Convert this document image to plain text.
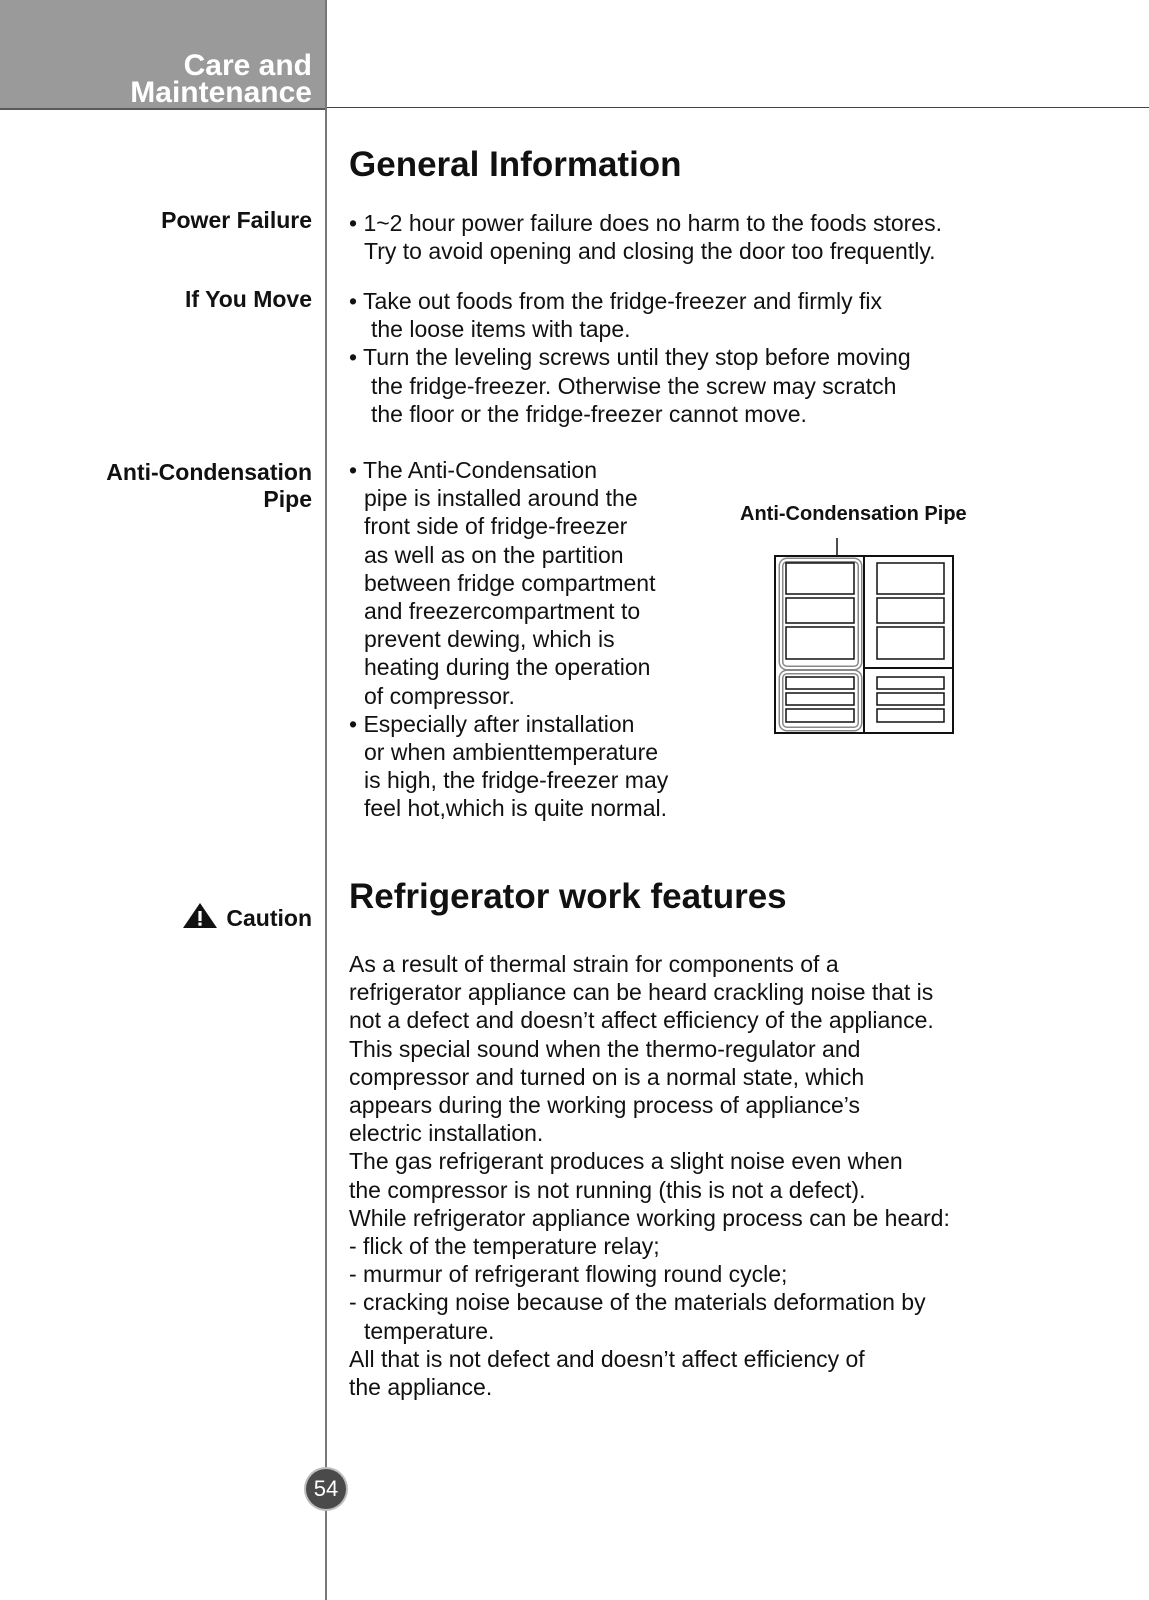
Care and
Maintenance
General Information
Power Failure • 1~2 hour power failure does no harm to the foods stores.
Try to avoid opening and closing the door too frequently.
If You Move • Take out foods from the fridge-freezer and firmly fix
the loose items with tape.
• Turn the leveling screws until they stop before moving
the fridge-freezer. Otherwise the screw may scratch
the floor or the fridge-freezer cannot move.
Anti-Condensation
Pipe
• The Anti-Condensation
pipe is installed around the
front side of fridge-freezer
as well as on the partition
between fridge compartment
and freezercompartment to
prevent dewing, which is
heating during the operation
of compressor.
• Especially after installation
or when ambienttemperature
is high, the fridge-freezer may
feel hot,which is quite normal.
Anti-Condensation Pipe
Caution
Refrigerator work features
As a result of thermal strain for components of a
refrigerator appliance can be heard crackling noise that is
not a defect and doesn’t affect efficiency of the appliance.
This special sound when the thermo-regulator and
compressor and turned on is a normal state, which
appears during the working process of appliance’s
electric installation.
The gas refrigerant produces a slight noise even when
the compressor is not running (this is not a defect).
While refrigerator appliance working process can be heard:
- flick of the temperature relay;
- murmur of refrigerant flowing round cycle;
- cracking noise because of the materials deformation by
temperature.
All that is not defect and doesn’t affect efficiency of
the appliance.
54
